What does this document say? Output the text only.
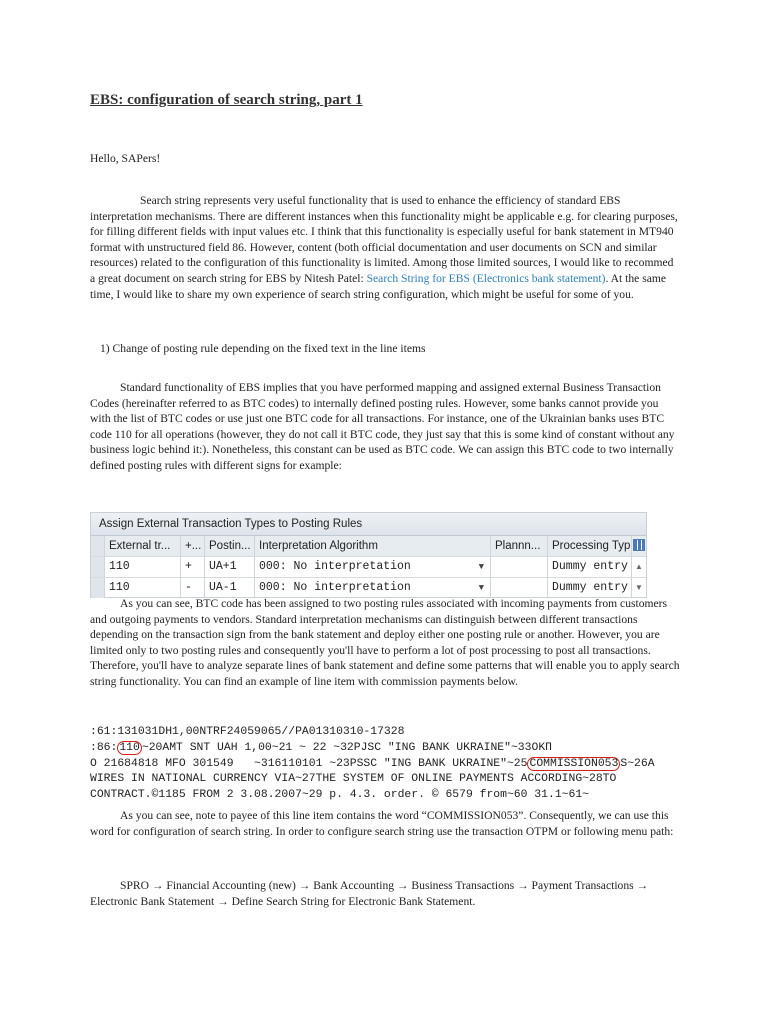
EBS: configuration of search string, part 1
Hello, SAPers!

Search string represents very useful functionality that is used to enhance the efficiency of standard EBS interpretation mechanisms. There are different instances when this functionality might be applicable e.g. for clearing purposes, for filling different fields with input values etc. I think that this functionality is especially useful for bank statement in MT940 format with unstructured field 86. However, content (both official documentation and user documents on SCN and similar resources) related to the configuration of this functionality is limited. Among those limited sources, I would like to recommed a great document on search string for EBS by Nitesh Patel: Search String for EBS (Electronics bank statement). At the same time, I would like to share my own experience of search string configuration, which might be useful for some of you.

1) Change of posting rule depending on the fixed text in the line items

Standard functionality of EBS implies that you have performed mapping and assigned external Business Transaction Codes (hereinafter referred to as BTC codes) to internally defined posting rules. However, some banks cannot provide you with the list of BTC codes or use just one BTC code for all transactions. For instance, one of the Ukrainian banks uses BTC code 110 for all operations (however, they do not call it BTC code, they just say that this is some kind of constant without any business logic behind it:). Nonetheless, this constant can be used as BTC code. We can assign this BTC code to two internally defined posting rules with different signs for example:

Assign External Transaction Types to Posting Rules
External tr...	+... Postin... Interpretation Algorithm	Plannn...	Processing Typ
110	+	UA+1	000: No interpretation	▼	Dummy entry ▲
110	-	UA-1	000: No interpretation	▼	Dummy entry ▼

As you can see, BTC code has been assigned to two posting rules associated with incoming payments from customers and outgoing payments to vendors. Standard interpretation mechanisms can distinguish between different transactions depending on the transaction sign from the bank statement and deploy either one posting rule or another. However, you are limited only to two posting rules and consequently you'll have to perform a lot of post processing to post all transactions. Therefore, you'll have to analyze separate lines of bank statement and define some patterns that will enable you to apply search string functionality. You can find an example of line item with commission payments below.

:61:131031DH1,00NTRF24059065//PA01310310-17328
:86: 110 ~20AMT SNT UAH 1,00~21 ~ 22 ~32PJSC "ING BANK UKRAINE"~33OKП
O 21684818 MFO 301549   ~316110101 ~23PSSC "ING BANK UKRAINE"~25 COMMISSION053 S~26A
WIRES IN NATIONAL CURRENCY VIA~27THE SYSTEM OF ONLINE PAYMENTS ACCORDING~28TO
CONTRACT.©1185 FROM 2 3.08.2007~29 p. 4.3. order. © 6579 from~60 31.1~61~

As you can see, note to payee of this line item contains the word “COMMISSION053”. Consequently, we can use this word for configuration of search string. In order to configure search string use the transaction OTPM or following menu path:

SPRO → Financial Accounting (new) → Bank Accounting → Business Transactions → Payment Transactions → Electronic Bank Statement → Define Search String for Electronic Bank Statement.
